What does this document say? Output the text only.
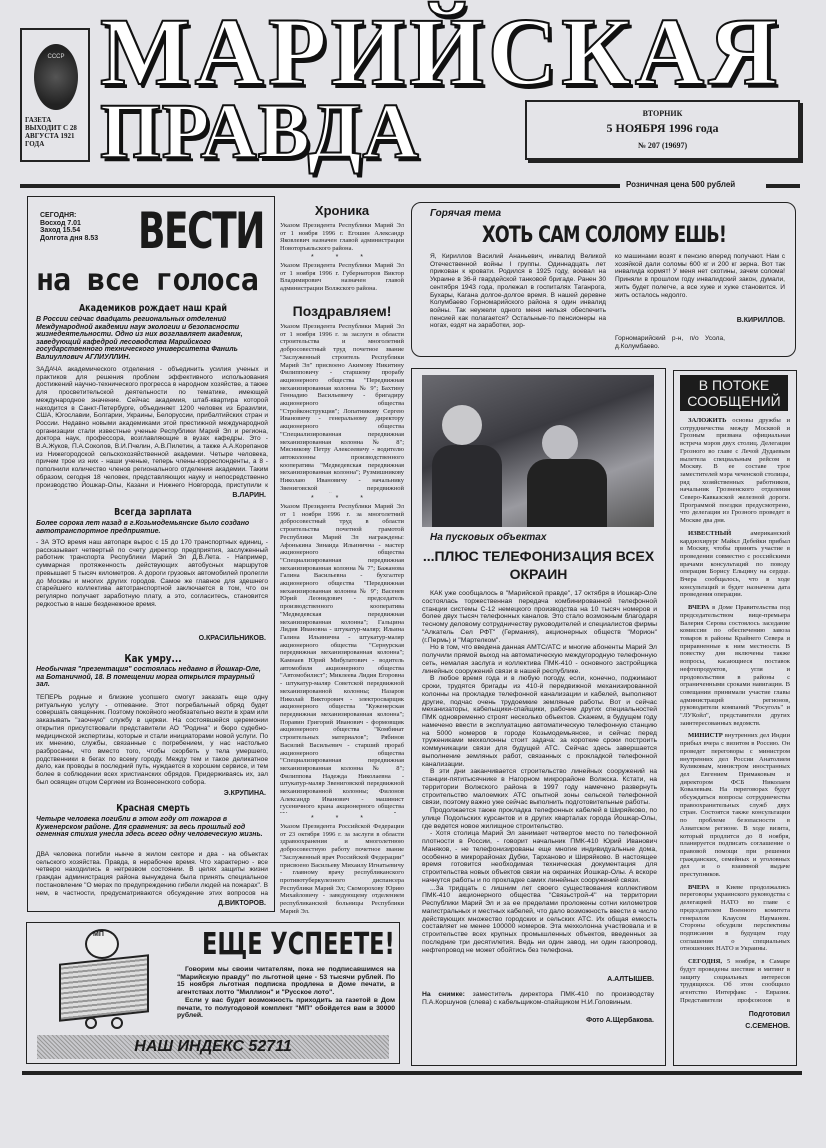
СССР
ГАЗЕТА ВЫХОДИТ С 28 АВГУСТА 1921 ГОДА
МАРИЙСКАЯ
ПРАВДА	ВТОРНИК
5 НОЯБРЯ 1996 года
№ 207 (19697)
Розничная цена 500 рублей
СЕГОДНЯ:
Восход 7.01
Заход 15.54
Долгота дня 8.53 ВЕСТИ
на все голоса
Академиков рождает наш край
В России сейчас двадцать региональных отделений Международной академии наук экологии и безопасности жизнедеятельности. Одно из них возглавляет академик, заведующий кафедрой лесоводства Марийского государственного технического университета Фаниль Валиуллович АГЛИУЛЛИН.
ЗАДАЧА академического отделения - объединить усилия ученых и практиков для решения проблем эффективного использования достижений научно-технического прогресса в народном хозяйстве, а также для просветительской деятельности по тематике, имеющей международное значение. Сейчас академия, штаб-квартира которой находится в Санкт-Петербурге, объединяет 1200 человек из Бразилии, США, Югославии, Болгарии, Украины, Белоруссии, прибалтийских стран и России. Недавно новыми академиками этой престижной международной организации стали известные ученые Республики Марий Эл и региона, доктора наук, профессора, возглавляющие в вузах кафедры. Это - В.А.Жуков, П.А.Соколов, В.И.Пчелин, А.В.Пилетин, а также А.А.Корепанов из Нижегородской сельскохозяйственной академии. Четыре человека, причем трое из них - наши ученые, теперь члены-корреспонденты, а 8 - пополнили количество членов регионального отделения академии. Таким образом, сегодня 18 человек, представляющих науку и непосредственно производство Йошкар-Олы, Казани и Нижнего Новгорода, приступили к
В.ЛАРИН.
Всегда зарплата
Более сорока лет назад в г.Козьмодемьянске было создано автотранспортное предприятие.
- ЗА ЭТО время наш автопарк вырос с 15 до 170 транспортных единиц, - рассказывает четвертый по счету директор предприятия, заслуженный работник транспорта Республики Марий Эл Д.В.Лета. - Например, суммарная протяженность действующих автобусных маршрутов превышает 5 тысяч километров. А дороги грузовых автомобилей пролегли до Москвы и многих других городов. Самое же главное для здешнего старейшего коллектива автотранспортной заключается в том, что он регулярно получает заработную плату, а это, согласитесь, становится редкостью в наше безденежное время.
О.КРАСИЛЬНИКОВ.
Как умру...
Необычная "презентация" состоялась недавно в Йошкар-Оле, на Ботаничной, 18. В помещении морга открылся траурный зал.
ТЕПЕРЬ родные и близкие усопшего смогут заказать еще одну ритуальную услугу - отпевание. Этот погребальный обряд будет совершать священник. Поэтому покойного необязательно везти в храм или заказывать "заочную" службу в церкви. На состоявшейся церемонии открытия присутствовали представители АО "Родина" и бюро судебно-медицинской экспертизы, которые и стали инициаторами новой услуги. По их мнению, службы, связанные с погребением, у нас настолько разбросаны, что вместо того, чтобы скорбеть у тела умершего, родственники в бегах по всему городу. Между тем и такое деликатное дело, как проводы в последний путь, нуждается в хорошем сервисе, и тем более в соблюдении всех христианских обрядов. Придерживаясь их, зал был освящен отцом Сергием из Вознесенского собора.
Э.КРУПИНА.
Красная смерть
Четыре человека погибли в этом году от пожаров в Куженерском районе. Для сравнения: за весь прошлый год огненная стихия унесла здесь всего одну человеческую жизнь.
ДВА человека погибли нынче в жилом секторе и два - на объектах сельского хозяйства. Правда, в нерабочее время. Что характерно - все четверо находились в нетрезвом состоянии. В целях защиты жизни граждан администрация района вынуждена была принять специальное постановление "О мерах по предупреждению гибели людей на пожарах". В нем, в частности, предусматриваются обсуждение этих вопросов на
Д.ВИКТОРОВ.
Хроника
Указом Президента Республики Марий Эл от 1 ноября 1996 г. Егошин Александр Яковлевич назначен главой администрации Новоторъяльского района.
* * *
Указом Президента Республики Марий Эл от 1 ноября 1996 г. Губернаторов Виктор Владимирович назначен главой администрации Волжского района.
Поздравляем!
Указом Президента Республики Марий Эл от 1 ноября 1996 г. за заслуги в области строительства и многолетний добросовестный труд почетное звание "Заслуженный строитель Республики Марий Эл" присвоено Акимову Никитину Филипповичу - старшему прорабу акционерного общества "Передвижная механизированная колонна № 9"; Бахтину Геннадию Васильевичу - бригадиру акционерного общества "Стройконструкция"; Лопатникову Сергею Ивановичу - генеральному директору акционерного общества "Специализированная передвижная механизированная колонна № 8"; Мясникову Петру Алексеевичу - водителю автоколонны производственного кооператива "Медведевская передвижная механизированная колонна"; Рузмишникову Николаю Ивановичу - начальнику Звениговской передвижной
* * *
Указом Президента Республики Марий Эл от 1 ноября 1996 г. за многолетний добросовестный труд в области строительства почетной грамотой Республики Марий Эл награждены: Афонькина Зинаида Ильинична - мастер акционерного общества "Специализированная передвижная механизированная колонна № 7"; Бажанова Галина Васильевна - бухгалтер акционерного общества "Передвижная механизированная колонна № 9"; Васенев Юрий Леонидович - председатель производственного кооператива "Медведевская передвижная механизированная колонна"; Гальцина Лидия Ивановна - штукатур-маляр; Ильина Галина Ильинична - штукатур-маляр акционерного общества "Сернурская передвижная механизированная колонна"; Камнаев Юрий Мибулатович - водитель автомобиля акционерного общества "Автомобилист"; Миклеева Лидия Егоровна - штукатур-маляр Советской передвижной механизированной колонны; Назаров Николай Викторович - электросварщик акционерного общества "Куженерская передвижная механизированная колонна"; Поравин Григорий Иванович - формовщик акционерного общества "Комбинат строительных материалов"; Рябинов Василий Васильевич - старший прораб акционерного общества "Специализированная передвижная механизированная колонна № 8"; Филиппова Надежда Николаевна - штукатур-маляр Звениговской передвижной механизированной колонны; Филонов Александр Иванович - машинист гусеничного крана акционерного общества
* * *
Указом Президента Российской Федерации от 23 октября 1996 г. за заслуги в области здравоохранения и многолетнюю добросовестную работу почетное звание "Заслуженный врач Российской Федерации" присвоено Васильеву Михаилу Игнатьевичу - главному врачу республиканского противотуберкулезного диспансера Республики Марий Эл; Скоморохову Юрию Михайловичу - заведующему отделением республиканской больницы Республики Марий Эл.
МП	ЕЩЕ УСПЕЕТЕ!

Говорим мы своим читателям, пока не подписавшимся на "Марийскую правду" по льготной цене - 53 тысячи рублей. По 15 ноября льготная подписка продлена в Доме печати, в агентствах лотто "Миллион" и "Русское лото".

Если у вас будет возможность приходить за газетой в Дом печати, то полугодовой комплект "МП" обойдется вам в 30000 рублей.

НАШ ИНДЕКС 52711
Горячая тема
ХОТЬ САМ СОЛОМУ ЕШЬ!
Я, Кириллов Василий Ананьевич, инвалид Великой Отечественной войны I группы. Одиннадцать лет прикован к кровати. Родился в 1925 году, воевал на Украине в 36-й гвардейской танковой бригаде. Ранен 30 сентября 1943 года, пролежал в госпиталях Таганрога, Бухары, Кагана долгое-долгое время. В нашей деревне Колумбаево Горномарийского района я один инвалид войны. Так неужели одного меня нельзя обеспечить пенсией как полагается? Остальные-то пенсионеры на ногах, ездят на заработки, зор-
ко машинами возят к пенсию вперед получают. Нам с хозяйкой дали соломы 600 кг и 200 кг зерна. Вот так инвалида кормят! У меня нет скотины, зачем солома! Приняли в прошлом году инвалидский закон, думали, жить будет полегче, а все хуже и хуже становится. И жить осталось недолго.
В.КИРИЛЛОВ.
Горномарийский р-н, п/о Усола, д.Колумбаево.
На пусковых объектах
...ПЛЮС ТЕЛЕФОНИЗАЦИЯ ВСЕХ ОКРАИН

КАК уже сообщалось в "Марийской правде", 17 октября в Йошкар-Оле состоялась торжественная передача комбинированной телефонной станции системы С-12 немецкого производства на 10 тысяч номеров и более двух тысяч телефонных каналов. Это стало возможным благодаря тесному деловому сотрудничеству руководителей и специалистов фирмы "Алкатель Сел РФТ" (Германия), акционерных обществ "Морион" (г.Пермь) и "Мартелком".

Но в том, что введена данная АМТС/АТС и многие абоненты Марий Эл получили прямой выход на автоматическую междугородную телефонную сеть, немалая заслуга и коллектива ПМК-410 - основного застройщика линейных сооружений связи в нашей республике.

В любое время года и в любую погоду, если, конечно, поджимают сроки, трудятся бригады из 410-й передвижной механизированной колонны на прокладке телефонной канализации и кабелей, выполняют другие, подчас очень трудоемкие земляные работы. Вот и сейчас механизаторы, кабельщики-спайщики, рабочие других специальностей ПМК одновременно строят несколько объектов. Скажем, в будущем году намечено ввести в эксплуатацию автоматическую телефонную станцию на 5000 номеров в городе Козьмодемьянске, и сейчас перед тружениками мехколонны стоит задача: за короткие сроки построить коммуникации связи для будущей АТС. Сейчас здесь завершается выполнение земляных работ, связанных с прокладкой телефонной канализации.

В эти дни заканчивается строительство линейных сооружений на станции-пятитысячнике в Нагорном микрорайоне Волжска. Кстати, на территории Волжского района в 1997 году намечено развернуть строительство малоемких АТС опытной зоны сельской телефонной связи, поэтому важно уже сейчас выполнить подготовительные работы.

Продолжается также прокладка телефонных кабелей в Ширяйково, по улице Подольских курсантов и в других кварталах города Йошкар-Олы, где ведется новое жилищное строительство.

- Хотя столица Марий Эл занимает четвертое место по телефонной плотности в России, - говорит начальник ПМК-410 Юрий Иванович Маняков, - не телефонизированы еще многие индивидуальные дома, особенно в микрорайонах Дубки, Тарханово и Ширяйково. В настоящее время готовится необходимая техническая документация для строительства новых объектов связи на окраинах Йошкар-Олы. А вскоре начнутся работы и по прокладке самих линейных сооружений связи.

...За тридцать с лишним лет своего существования коллективом ПМК-410 акционерного общества "Связьстрой-4" на территории Республики Марий Эл и за ее пределами проложены сотни километров магистральных и местных кабелей, что дало возможность ввести в число действующих множество городских и сельских АТС. Их общая емкость составляет не менее 100000 номеров. Эта мехколонна участвовала и в строительстве всех крупных промышленных объектов, введенных за последние три десятилетия. Ведь ни один завод, ни один газопровод, нефтепровод не может обойтись без телефона.

А.АЛТЫШЕВ.
На снимке: заместитель директора ПМК-410 по производству П.А.Коршунов (слева) с кабельщиком-спайщиком Н.И.Головиным.
Фото А.Щербакова.
В ПОТОКЕ СООБЩЕНИЙ

ЗАЛОЖИТЬ основы дружбы и сотрудничества между Москвой и Грозным призвана официальная встреча мэров двух столиц. Делегация Грозного во главе с Лечой Дудаевым вылетела специальным рейсом в Москву. В ее составе трое заместителей мэра чеченской столицы, ряд хозяйственных работников, начальник Грозненского отделения Северо-Кавказской железной дороги. Программой поездки предусмотрено, что делегация из Грозного проведет в Москве два дня.

ИЗВЕСТНЫЙ	американский кардиохирург Майкл Дебейки прибыл в Москву, чтобы принять участие в проведении совместно с российскими врачами консультаций по поводу операции Борису Ельцину на сердце. Вчера сообщалось, что в ходе консультаций и будет назначена дата проведения операции.

ВЧЕРА в Доме Правительства под председательством вице-премьера Валерия Серова состоялось заседание комиссии по обеспечению завоза товаров в районы Крайнего Севера и приравненные к ним местности. В повестку дня включены также вопросы, касающиеся поставок нефтепродуктов, угля и продовольствия в районы с ограниченными сроками навигации. В совещании принимали участие главы администраций регионов, руководители компаний "Росуголь" и "ЛУКойл", представители других заинтересованных ведомств.

МИНИСТР внутренних дел Индии прибыл вчера с визитом в Россию. Он проведет переговоры с министром внутренних дел России Анатолием Куликовым, министром иностранных дел Евгением Примаковым и директором ФСБ Николаем Ковалевым. На переговорах будут обсуждаться вопросы сотрудничества правоохранительных служб двух стран. Состоятся также консультации по проблеме безопасности в Азиатском регионе. В ходе визита, который продлится до 8 ноября, планируется подписать соглашение о правовой помощи при решении гражданских, семейных и уголовных дел и о взаимной выдаче преступников.

ВЧЕРА в Киеве продолжались переговоры украинского руководства с делегацией НАТО во главе с председателем Военного комитета генералом Клаусом Науманом. Стороны обсудили перспективы подписания в будущем году соглашения о специальных отношениях НАТО и Украины.

СЕГОДНЯ, 5 ноября, в Самаре будут проведены шествие и митинг в защиту социальных интересов трудящихся. Об этом сообщило агентство Интерфакс - Евразия. Представители профсоюзов в

Подготовил
С.СЕМЕНОВ.
